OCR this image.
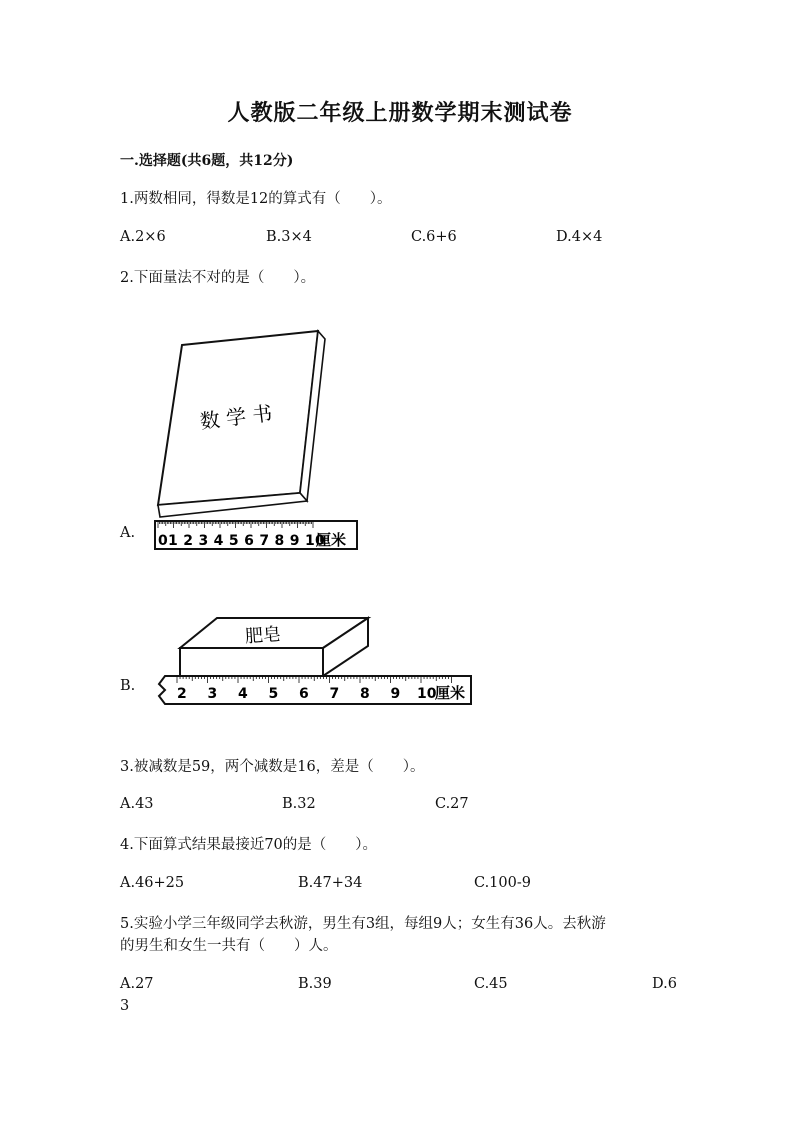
人教版二年级上册数学期末测试卷
一.选择题(共6题，共12分)
1.两数相同，得数是12的算式有（　　）。
A.2×6	B.3×4	C.6+6	D.4×4
2.下面量法不对的是（　　）。
数 学 书
01 2 3 4 5 6 7 8 9 10
厘米
A.
肥皂
2 3 4 5 6 7 8 9 10
厘米
B.
3.被减数是59，两个减数是16，差是（　　）。
A.43	B.32	C.27
4.下面算式结果最接近70的是（　　）。
A.46+25	B.47+34	C.100-9
5.实验小学三年级同学去秋游，男生有3组，每组9人；女生有36人。去秋游
的男生和女生一共有（　　）人。
A.27	B.39	C.45	D.6
3
